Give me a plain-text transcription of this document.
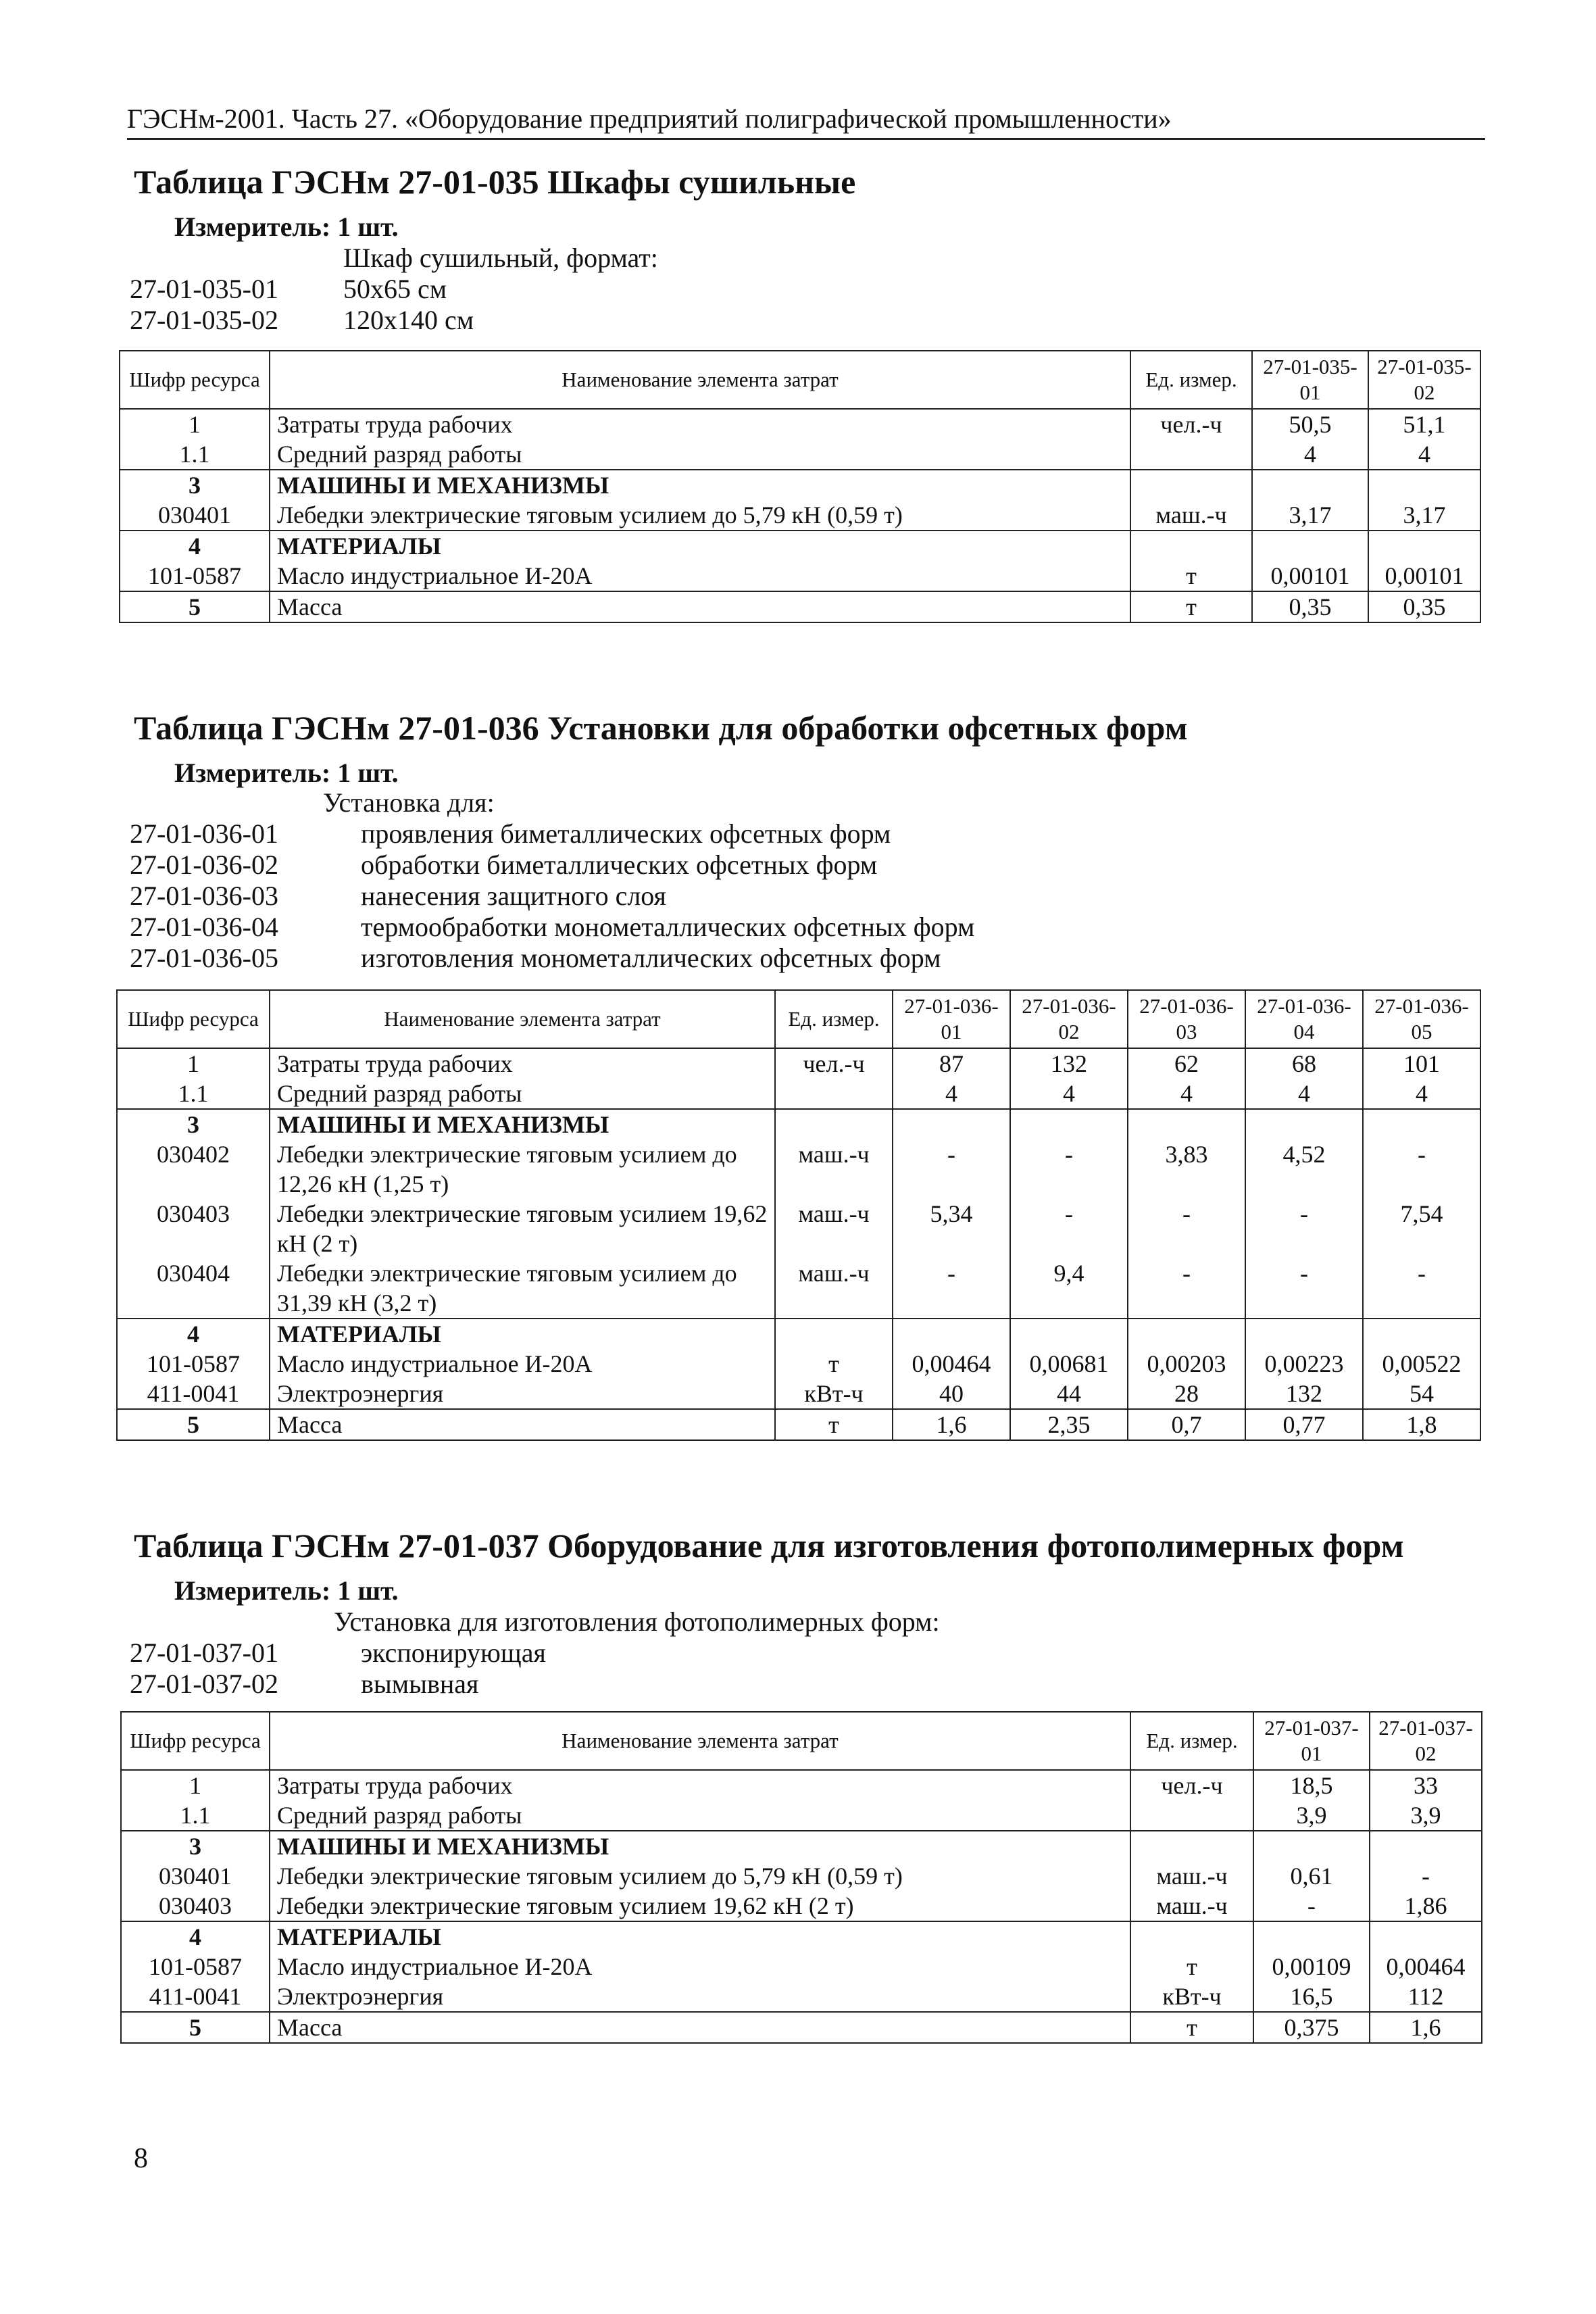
ГЭСНм-2001. Часть 27. «Оборудование предприятий полиграфической промышленности»
Таблица ГЭСНм 27-01-035 Шкафы сушильные
Измеритель: 1 шт.
Шкаф сушильный, формат:
27-01-035-01 50x65 см
27-01-035-02 120x140 см
Шифр ресурса	Наименование элемента затрат	Ед. измер.	27-01-035-01	27-01-035-02
1	Затраты труда рабочих	чел.-ч	50,5	51,1
1.1	Средний разряд работы		4	4
3	МАШИНЫ И МЕХАНИЗМЫ			
030401	Лебедки электрические тяговым усилием до 5,79 кН (0,59 т)	маш.-ч	3,17	3,17
4	МАТЕРИАЛЫ			
101-0587	Масло индустриальное И-20А	т	0,00101	0,00101
5	Масса	т	0,35	0,35
Таблица ГЭСНм 27-01-036 Установки для обработки офсетных форм
Измеритель: 1 шт.
Установка для:
27-01-036-01	проявления биметаллических офсетных форм
27-01-036-02	обработки биметаллических офсетных форм
27-01-036-03	нанесения защитного слоя
27-01-036-04	термообработки монометаллических офсетных форм
27-01-036-05	изготовления монометаллических офсетных форм
Шифр ресурса	Наименование элемента затрат	Ед. измер.	27-01-036-01	27-01-036-02	27-01-036-03	27-01-036-04	27-01-036-05
1	Затраты труда рабочих	чел.-ч	87	132	62	68	101
1.1	Средний разряд работы		4	4	4	4	4
3	МАШИНЫ И МЕХАНИЗМЫ						
030402	Лебедки электрические тяговым усилием до 12,26 кН (1,25 т)	маш.-ч	-	-	3,83	4,52	-
030403	Лебедки электрические тяговым усилием 19,62 кН (2 т)	маш.-ч	5,34	-	-	-	7,54
030404	Лебедки электрические тяговым усилием до 31,39 кН (3,2 т)	маш.-ч	-	9,4	-	-	-
4	МАТЕРИАЛЫ						
101-0587	Масло индустриальное И-20А	т	0,00464	0,00681	0,00203	0,00223	0,00522
411-0041	Электроэнергия	кВт-ч	40	44	28	132	54
5	Масса	т	1,6	2,35	0,7	0,77	1,8
Таблица ГЭСНм 27-01-037 Оборудование для изготовления фотополимерных форм
Измеритель: 1 шт.
Установка для изготовления фотополимерных форм:
27-01-037-01	экспонирующая
27-01-037-02	вымывная
Шифр ресурса	Наименование элемента затрат	Ед. измер.	27-01-037-01	27-01-037-02
1	Затраты труда рабочих	чел.-ч	18,5	33
1.1	Средний разряд работы		3,9	3,9
3	МАШИНЫ И МЕХАНИЗМЫ			
030401	Лебедки электрические тяговым усилием до 5,79 кН (0,59 т)	маш.-ч	0,61	-
030403	Лебедки электрические тяговым усилием 19,62 кН (2 т)	маш.-ч	-	1,86
4	МАТЕРИАЛЫ			
101-0587	Масло индустриальное И-20А	т	0,00109	0,00464
411-0041	Электроэнергия	кВт-ч	16,5	112
5	Масса	т	0,375	1,6
8
